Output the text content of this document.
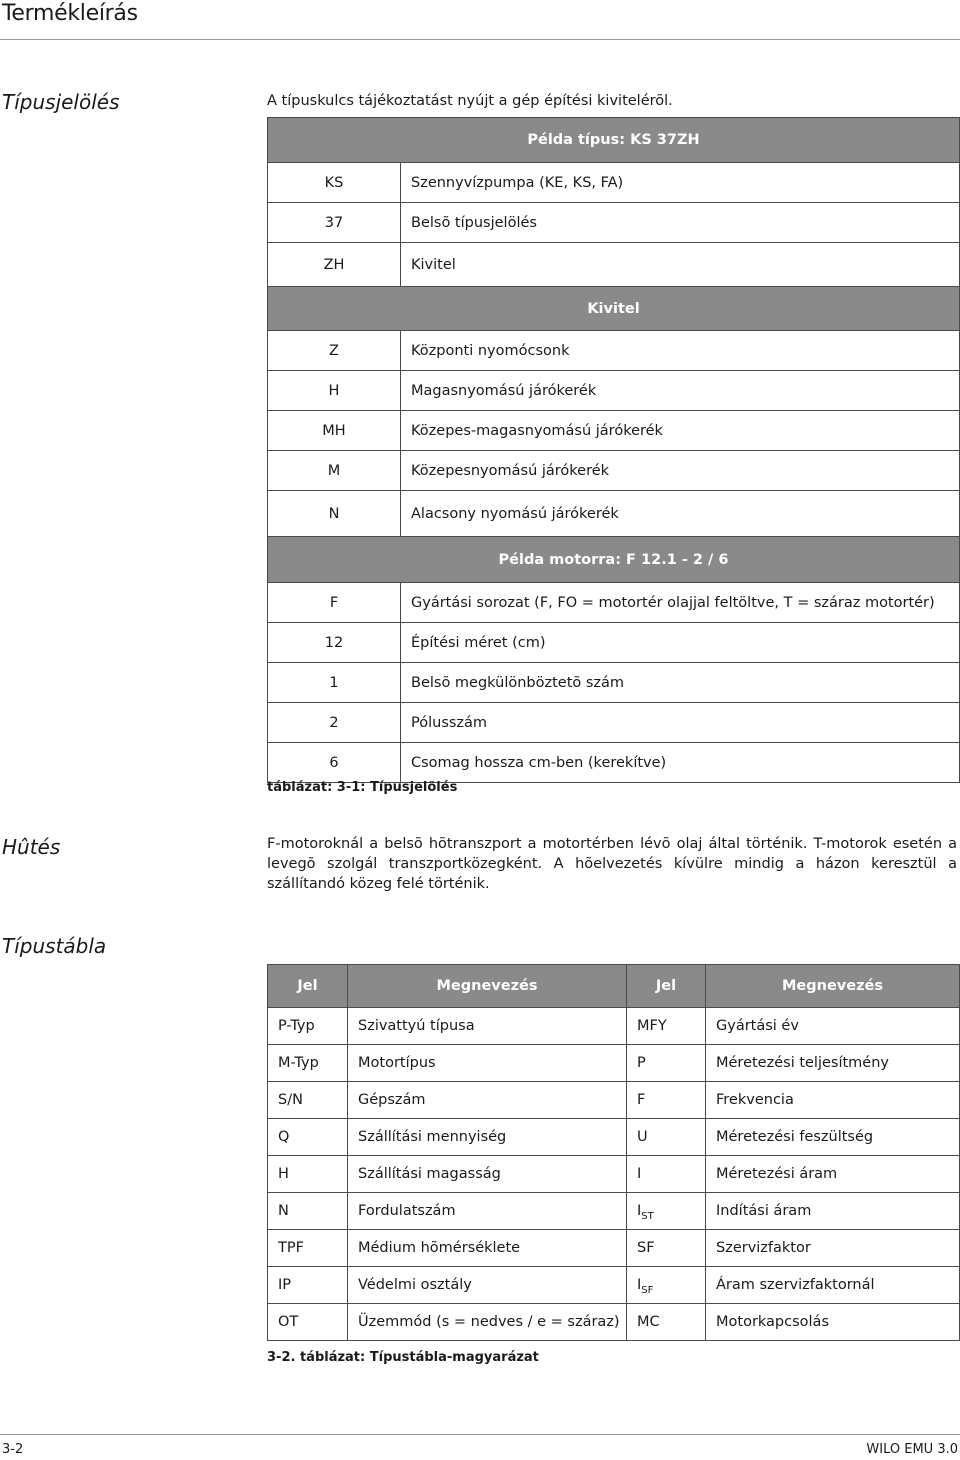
Termékleírás
Típusjelölés	A típuskulcs tájékoztatást nyújt a gép építési kivitelérõl.
Példa típus: KS 37ZH	
KS	Szennyvízpumpa (KE, KS, FA)
37	Belsõ típusjelölés
ZH	Kivitel
Kivitel	
Z	Központi nyomócsonk
H	Magasnyomású járókerék
MH	Közepes-magasnyomású járókerék
M	Közepesnyomású járókerék
N	Alacsony nyomású járókerék
Példa motorra: F 12.1 - 2 / 6	
F	Gyártási sorozat (F, FO = motortér olajjal feltöltve, T = száraz motortér)
12	Építési méret (cm)
1	Belsõ megkülönböztetõ szám
2	Pólusszám
6	Csomag hossza cm-ben (kerekítve)
táblázat: 3-1: Típusjelölés
Hûtés	F-motoroknál a belsõ hõtranszport a motortérben lévõ olaj által történik. T-motorok esetén a levegõ szolgál transzportközegként. A hõelvezetés kívülre mindig a házon keresztül a szállítandó közeg felé történik.
Típustábla
Jel	Megnevezés	Jel	Megnevezés
P-Typ	Szivattyú típusa	MFY	Gyártási év
M-Typ	Motortípus	P	Méretezési teljesítmény
S/N	Gépszám	F	Frekvencia
Q	Szállítási mennyiség	U	Méretezési feszültség
H	Szállítási magasság	I	Méretezési áram
N	Fordulatszám	$I_{ST}$	Indítási áram
TPF	Médium hõmérséklete	SF	Szervizfaktor
IP	Védelmi osztály	$I_{SF}$	Áram szervizfaktornál
OT	Üzemmód (s = nedves / e = száraz)	MC	Motorkapcsolás
3-2. táblázat: Típustábla-magyarázat
3-2	WILO EMU 3.0
